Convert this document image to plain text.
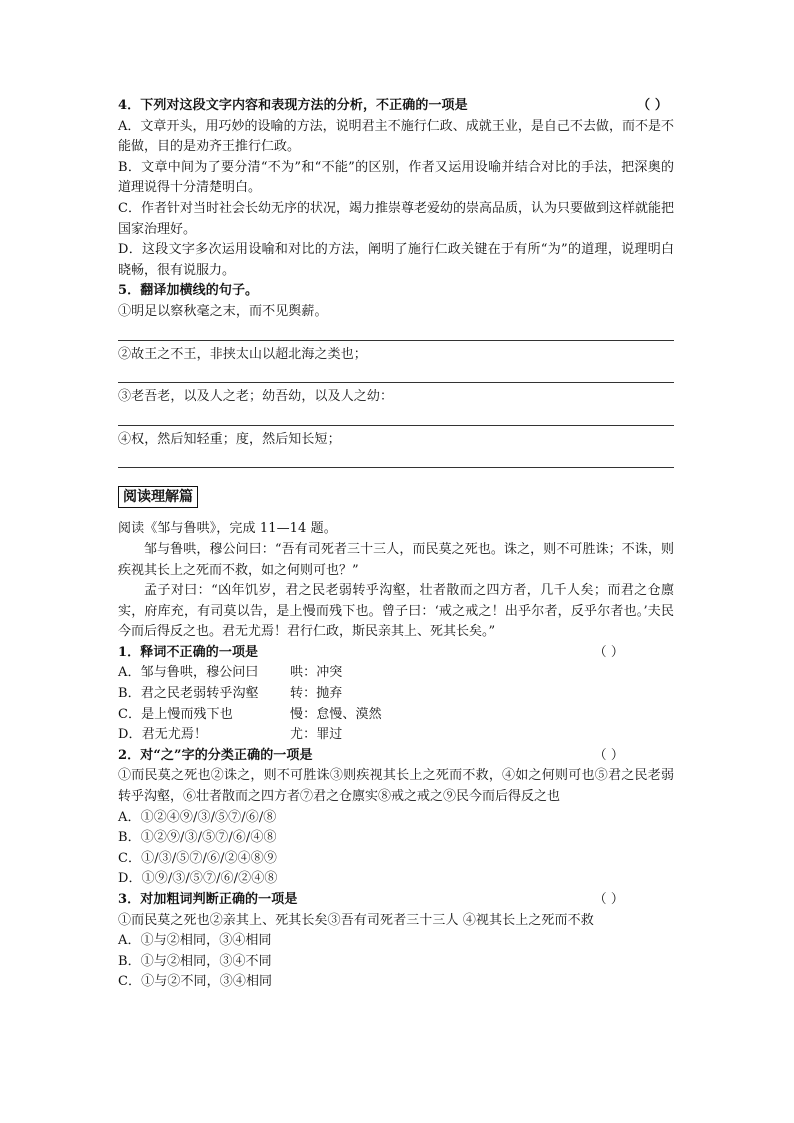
4．下列对这段文字内容和表现方法的分析，不正确的一项是	（ ）
A．文章开头，用巧妙的设喻的方法，说明君主不施行仁政、成就王业，是自己不去做，而不是不能做，目的是劝齐王推行仁政。
B．文章中间为了要分清“不为”和“不能”的区别，作者又运用设喻并结合对比的手法，把深奥的道理说得十分清楚明白。
C．作者针对当时社会长幼无序的状况，竭力推崇尊老爱幼的崇高品质，认为只要做到这样就能把国家治理好。
D．这段文字多次运用设喻和对比的方法，阐明了施行仁政关键在于有所“为”的道理，说理明白晓畅，很有说服力。
5．翻译加横线的句子。
①明足以察秋毫之末，而不见舆薪。
②故王之不王，非挟太山以超北海之类也；
③老吾老，以及人之老；幼吾幼，以及人之幼：
④权，然后知轻重；度，然后知长短；
阅读理解篇
阅读《邹与鲁哄》，完成 11—14 题。
邹与鲁哄，穆公问曰：“吾有司死者三十三人，而民莫之死也。诛之，则不可胜诛；不诛，则疾视其长上之死而不救，如之何则可也？”
孟子对曰：“凶年饥岁，君之民老弱转乎沟壑，壮者散而之四方者，几千人矣；而君之仓廪实，府库充，有司莫以告，是上慢而残下也。曾子曰：‘戒之戒之！出乎尔者，反乎尔者也。’夫民今而后得反之也。君无尤焉！君行仁政，斯民亲其上、死其长矣。”
1．释词不正确的一项是	（ ）
A．邹与鲁哄，穆公问曰	哄：冲突
B．君之民老弱转乎沟壑	转：抛弃
C．是上慢而残下也	慢：怠慢、漠然
D．君无尤焉！	尤：罪过
2．对“之”字的分类正确的一项是	（ ）
①而民莫之死也②诛之，则不可胜诛③则疾视其长上之死而不救，④如之何则可也⑤君之民老弱转乎沟壑，⑥壮者散而之四方者⑦君之仓廪实⑧戒之戒之⑨民今而后得反之也
A．①②④⑨/③/⑤⑦/⑥/⑧
B．①②⑨/③/⑤⑦/⑥/④⑧
C．①/③/⑤⑦/⑥/②④⑧⑨
D．①⑨/③/⑤⑦/⑥/②④⑧
3．对加粗词判断正确的一项是	（ ）
①而民莫之死也②亲其上、死其长矣③吾有司死者三十三人 ④视其长上之死而不救
A．①与②相同，③④相同
B．①与②相同，③④不同
C．①与②不同，③④相同
